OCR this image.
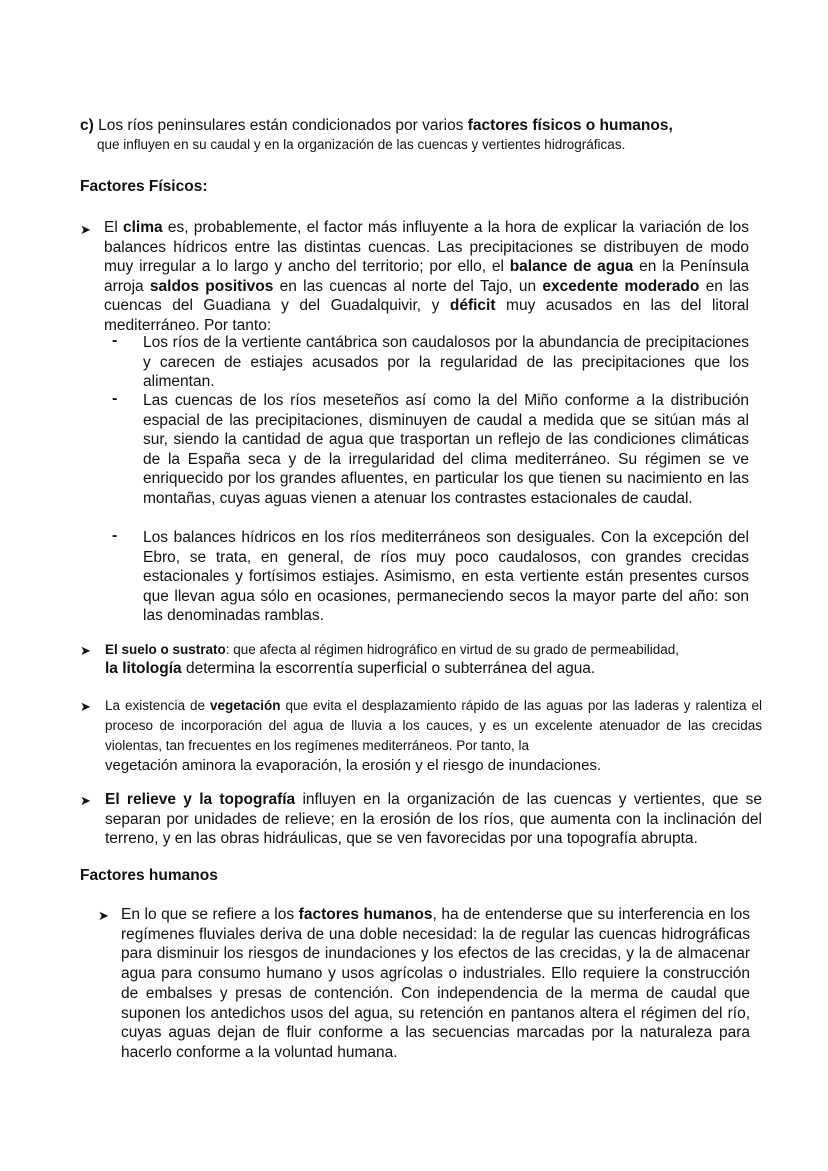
c) Los ríos peninsulares están condicionados por varios factores físicos o humanos,

que influyen en su caudal y en la organización de las cuencas y vertientes hidrográficas.
Factores Físicos:
➤ El clima es, probablemente, el factor más influyente a la hora de explicar la variación de los balances hídricos entre las distintas cuencas. Las precipitaciones se distribuyen de modo muy irregular a lo largo y ancho del territorio; por ello, el balance de agua en la Península arroja saldos positivos en las cuencas al norte del Tajo, un excedente moderado en las cuencas del Guadiana y del Guadalquivir, y déficit muy acusados en las del litoral mediterráneo. Por tanto:
- Los ríos de la vertiente cantábrica son caudalosos por la abundancia de precipitaciones y carecen de estiajes acusados por la regularidad de las precipitaciones que los alimentan.
- Las cuencas de los ríos meseteños así como la del Miño conforme a la distribución espacial de las precipitaciones, disminuyen de caudal a medida que se sitúan más al sur, siendo la cantidad de agua que trasportan un reflejo de las condiciones climáticas de la España seca y de la irregularidad del clima mediterráneo. Su régimen se ve enriquecido por los grandes afluentes, en particular los que tienen su nacimiento en las montañas, cuyas aguas vienen a atenuar los contrastes estacionales de caudal.
- Los balances hídricos en los ríos mediterráneos son desiguales. Con la excepción del Ebro, se trata, en general, de ríos muy poco caudalosos, con grandes crecidas estacionales y fortísimos estiajes. Asimismo, en esta vertiente están presentes cursos que llevan agua sólo en ocasiones, permaneciendo secos la mayor parte del año: son las denominadas ramblas.
➤ El suelo o sustrato: que afecta al régimen hidrográfico en virtud de su grado de permeabilidad,

la litología determina la escorrentía superficial o subterránea del agua.

➤ La existencia de vegetación que evita el desplazamiento rápido de las aguas por las laderas y ralentiza el proceso de incorporación del agua de lluvia a los cauces, y es un excelente atenuador de las crecidas violentas, tan frecuentes en los regímenes mediterráneos. Por tanto, la

vegetación aminora la evaporación, la erosión y el riesgo de inundaciones.

➤ El relieve y la topografía influyen en la organización de las cuencas y vertientes, que se separan por unidades de relieve; en la erosión de los ríos, que aumenta con la inclinación del terreno, y en las obras hidráulicas, que se ven favorecidas por una topografía abrupta.
Factores humanos
➤ En lo que se refiere a los factores humanos, ha de entenderse que su interferencia en los regímenes fluviales deriva de una doble necesidad: la de regular las cuencas hidrográficas para disminuir los riesgos de inundaciones y los efectos de las crecidas, y la de almacenar agua para consumo humano y usos agrícolas o industriales. Ello requiere la construcción de embalses y presas de contención. Con independencia de la merma de caudal que suponen los antedichos usos del agua, su retención en pantanos altera el régimen del río, cuyas aguas dejan de fluir conforme a las secuencias marcadas por la naturaleza para hacerlo conforme a la voluntad humana.
